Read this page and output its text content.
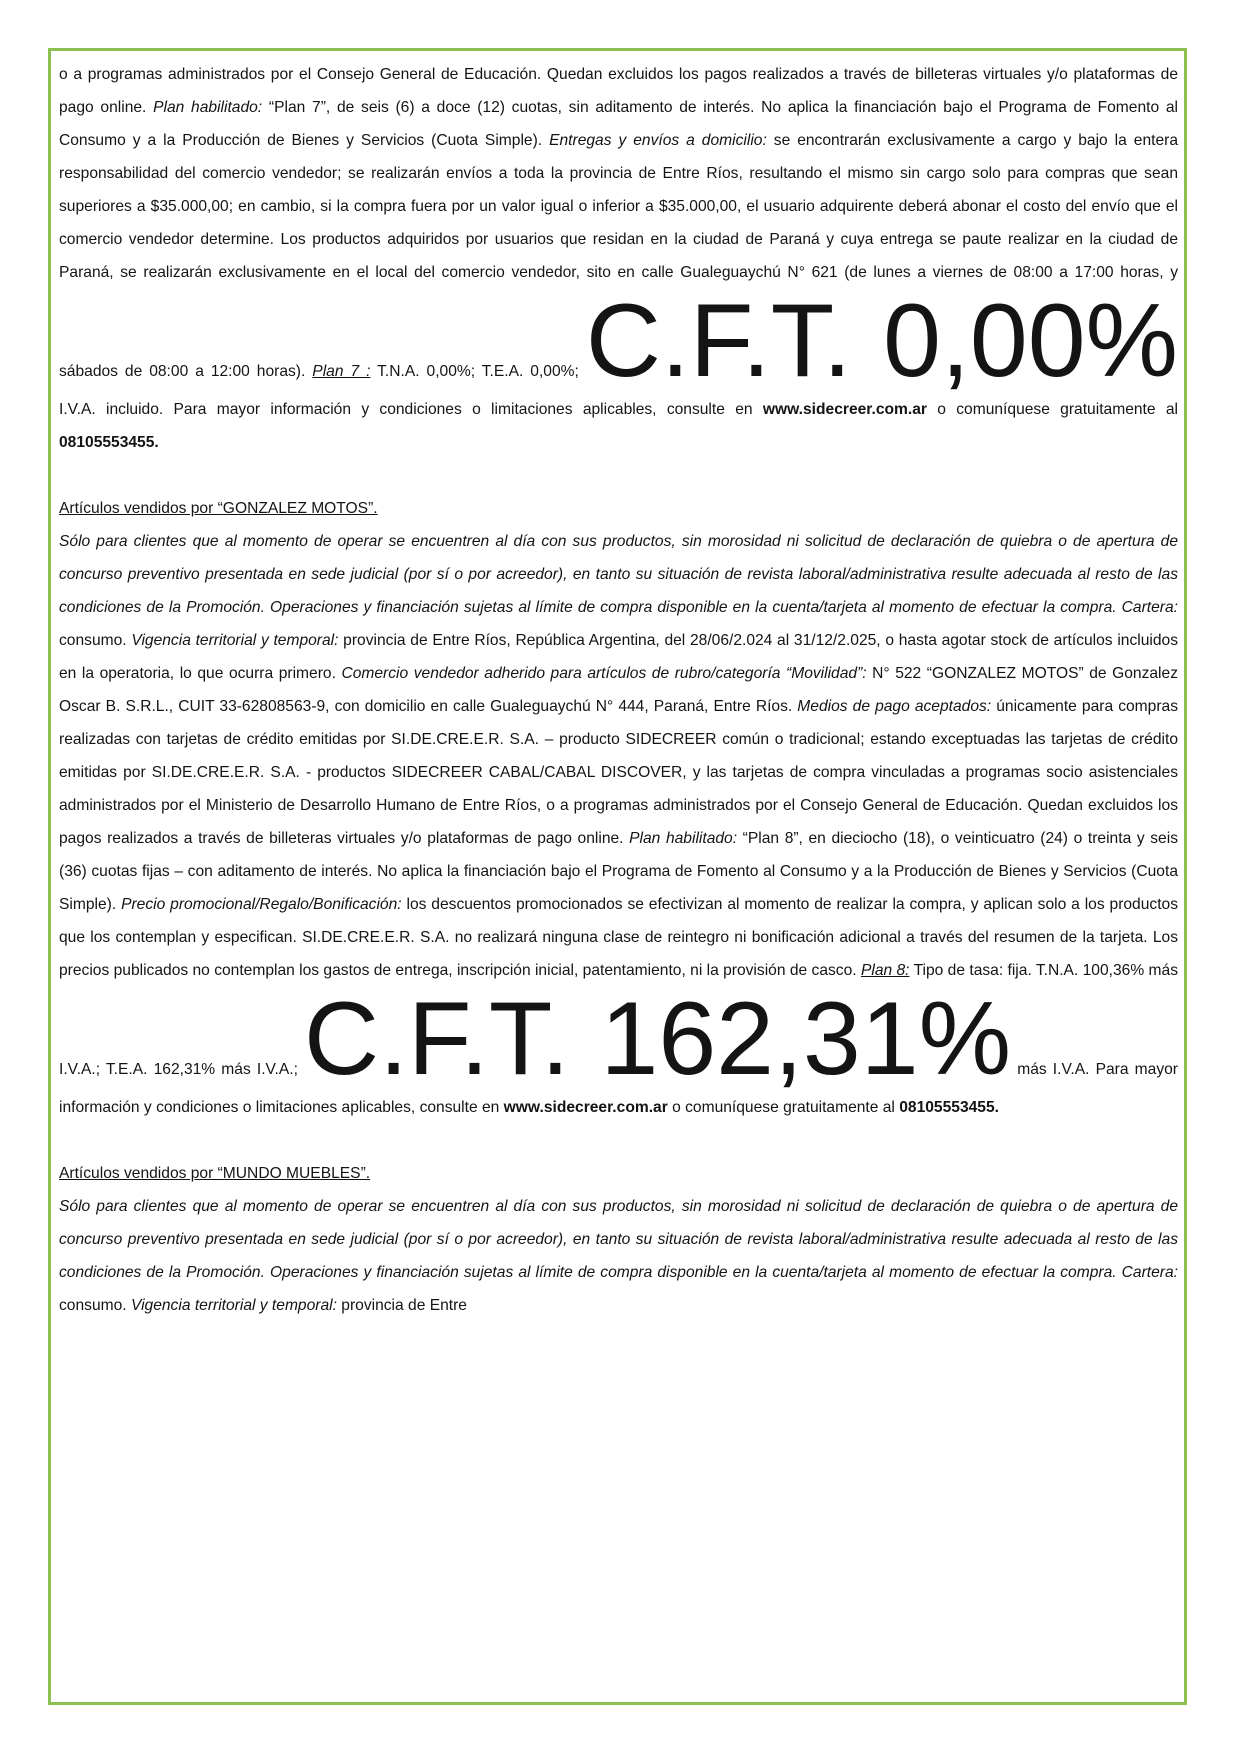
o a programas administrados por el Consejo General de Educación. Quedan excluidos los pagos realizados a través de billeteras virtuales y/o plataformas de pago online. Plan habilitado: “Plan 7”, de seis (6) a doce (12) cuotas, sin aditamento de interés. No aplica la financiación bajo el Programa de Fomento al Consumo y a la Producción de Bienes y Servicios (Cuota Simple). Entregas y envíos a domicilio: se encontrarán exclusivamente a cargo y bajo la entera responsabilidad del comercio vendedor; se realizarán envíos a toda la provincia de Entre Ríos, resultando el mismo sin cargo solo para compras que sean superiores a $35.000,00; en cambio, si la compra fuera por un valor igual o inferior a $35.000,00, el usuario adquirente deberá abonar el costo del envío que el comercio vendedor determine. Los productos adquiridos por usuarios que residan en la ciudad de Paraná y cuya entrega se paute realizar en la ciudad de Paraná, se realizarán exclusivamente en el local del comercio vendedor, sito en calle Gualeguaychú N° 621 (de lunes a viernes de 08:00 a 17:00 horas, y sábados de 08:00 a 12:00 horas). Plan 7 : T.N.A. 0,00%; T.E.A. 0,00%; C.F.T. 0,00% I.V.A. incluido. Para mayor información y condiciones o limitaciones aplicables, consulte en www.sidecreer.com.ar o comuníquese gratuitamente al 08105553455.

Artículos vendidos por “GONZALEZ MOTOS”.

Sólo para clientes que al momento de operar se encuentren al día con sus productos, sin morosidad ni solicitud de declaración de quiebra o de apertura de concurso preventivo presentada en sede judicial (por sí o por acreedor), en tanto su situación de revista laboral/administrativa resulte adecuada al resto de las condiciones de la Promoción. Operaciones y financiación sujetas al límite de compra disponible en la cuenta/tarjeta al momento de efectuar la compra. Cartera: consumo. Vigencia territorial y temporal: provincia de Entre Ríos, República Argentina, del 28/06/2.024 al 31/12/2.025, o hasta agotar stock de artículos incluidos en la operatoria, lo que ocurra primero. Comercio vendedor adherido para artículos de rubro/categoría “Movilidad”: N° 522 “GONZALEZ MOTOS” de Gonzalez Oscar B. S.R.L., CUIT 33-62808563-9, con domicilio en calle Gualeguaychú N° 444, Paraná, Entre Ríos. Medios de pago aceptados: únicamente para compras realizadas con tarjetas de crédito emitidas por SI.DE.CRE.E.R. S.A. – producto SIDECREER común o tradicional; estando exceptuadas las tarjetas de crédito emitidas por SI.DE.CRE.E.R. S.A. - productos SIDECREER CABAL/CABAL DISCOVER, y las tarjetas de compra vinculadas a programas socio asistenciales administrados por el Ministerio de Desarrollo Humano de Entre Ríos, o a programas administrados por el Consejo General de Educación. Quedan excluidos los pagos realizados a través de billeteras virtuales y/o plataformas de pago online. Plan habilitado: “Plan 8”, en dieciocho (18), o veinticuatro (24) o treinta y seis (36) cuotas fijas – con aditamento de interés. No aplica la financiación bajo el Programa de Fomento al Consumo y a la Producción de Bienes y Servicios (Cuota Simple). Precio promocional/Regalo/Bonificación: los descuentos promocionados se efectivizan al momento de realizar la compra, y aplican solo a los productos que los contemplan y especifican. SI.DE.CRE.E.R. S.A. no realizará ninguna clase de reintegro ni bonificación adicional a través del resumen de la tarjeta. Los precios publicados no contemplan los gastos de entrega, inscripción inicial, patentamiento, ni la provisión de casco. Plan 8: Tipo de tasa: fija. T.N.A. 100,36% más I.V.A.; T.E.A. 162,31% más I.V.A.; C.F.T. 162,31% más I.V.A. Para mayor información y condiciones o limitaciones aplicables, consulte en www.sidecreer.com.ar o comuníquese gratuitamente al 08105553455.

Artículos vendidos por “MUNDO MUEBLES”.

Sólo para clientes que al momento de operar se encuentren al día con sus productos, sin morosidad ni solicitud de declaración de quiebra o de apertura de concurso preventivo presentada en sede judicial (por sí o por acreedor), en tanto su situación de revista laboral/administrativa resulte adecuada al resto de las condiciones de la Promoción. Operaciones y financiación sujetas al límite de compra disponible en la cuenta/tarjeta al momento de efectuar la compra. Cartera: consumo. Vigencia territorial y temporal: provincia de Entre
